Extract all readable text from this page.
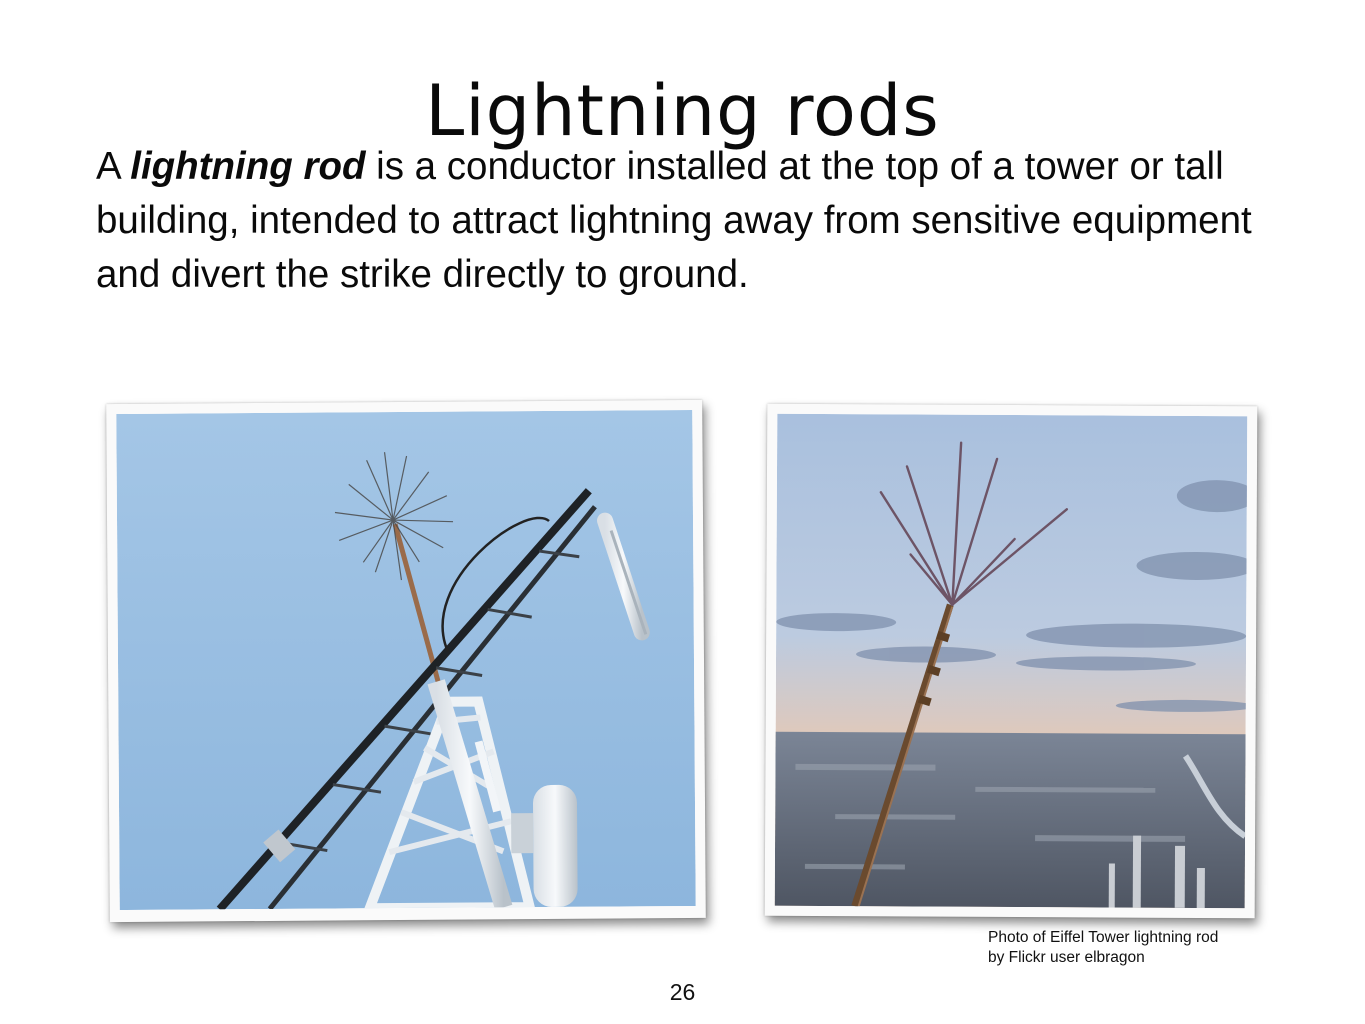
Lightning rods
A lightning rod is a conductor installed at the top of a tower or tall building, intended to attract lightning away from sensitive equipment and divert the strike directly to ground.
Photo of Eiffel Tower lightning rod
by Flickr user elbragon
26
